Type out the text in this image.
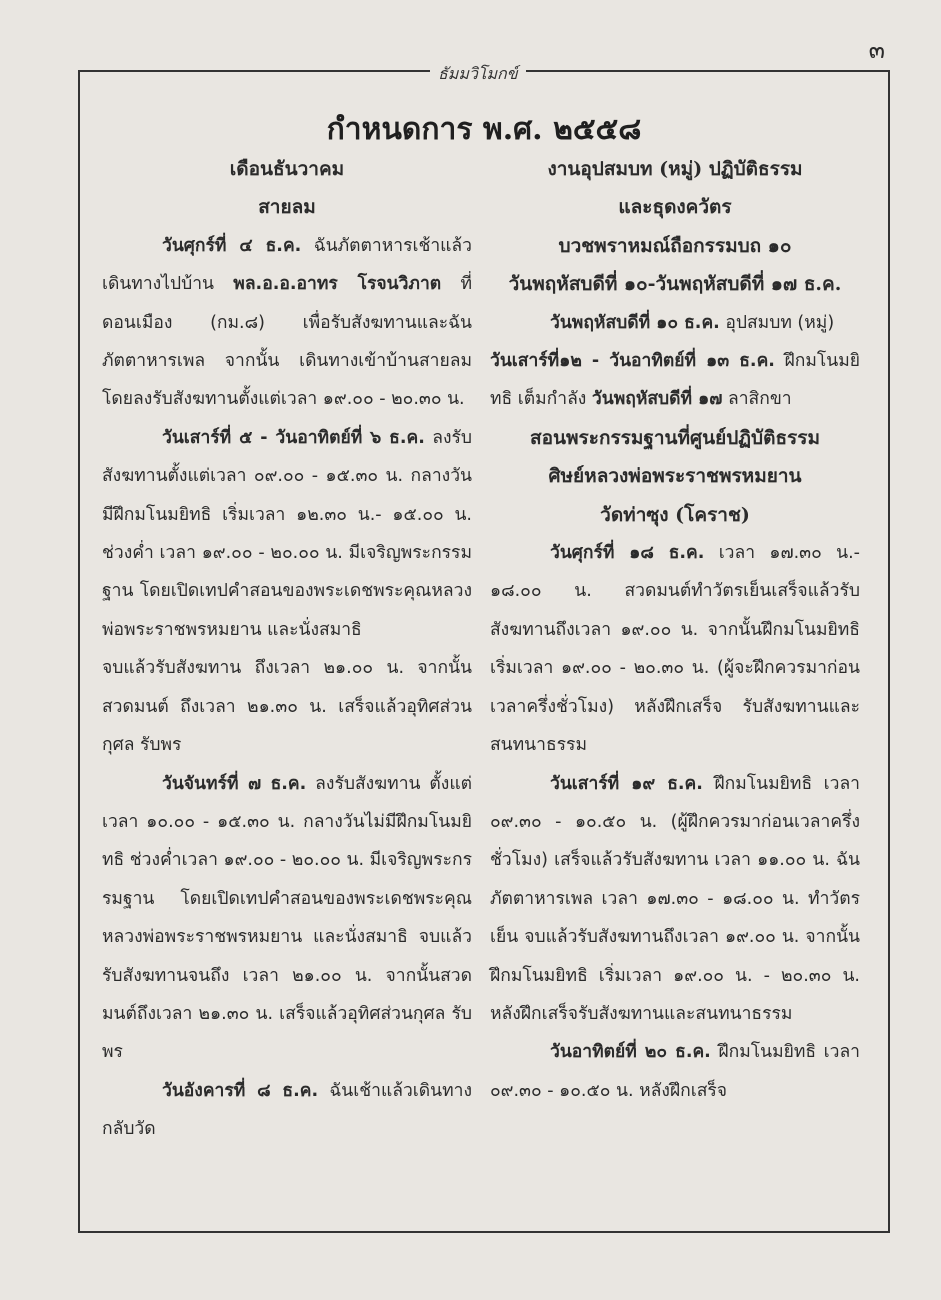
๓
ธัมมวิโมกข์
กำหนดการ พ.ศ. ๒๕๕๘

เดือนธันวาคม

สายลม

วันศุกร์ที่ ๔ ธ.ค. ฉันภัตตาหารเช้าแล้วเดินทางไปบ้าน พล.อ.อ.อาทร โรจนวิภาต ที่ดอนเมือง (กม.๘) เพื่อรับสังฆทานและฉันภัตตาหารเพล จากนั้น เดินทางเข้าบ้านสายลม โดยลงรับสังฆทานตั้งแต่เวลา ๑๙.๐๐ - ๒๐.๓๐ น.

วันเสาร์ที่ ๕ - วันอาทิตย์ที่ ๖ ธ.ค. ลงรับสังฆทานตั้งแต่เวลา ๐๙.๐๐ - ๑๕.๓๐ น. กลางวันมีฝึกมโนมยิทธิ เริ่มเวลา ๑๒.๓๐ น.- ๑๕.๐๐ น. ช่วงค่ำ เวลา ๑๙.๐๐ - ๒๐.๐๐ น. มีเจริญพระกรรมฐาน โดยเปิดเทปคำสอนของพระเดชพระคุณหลวงพ่อพระราชพรหมยาน และนั่งสมาธิ

จบแล้วรับสังฆทาน ถึงเวลา ๒๑.๐๐ น. จากนั้นสวดมนต์ ถึงเวลา ๒๑.๓๐ น. เสร็จแล้วอุทิศส่วนกุศล รับพร

วันจันทร์ที่ ๗ ธ.ค. ลงรับสังฆทาน ตั้งแต่เวลา ๑๐.๐๐ - ๑๕.๓๐ น. กลางวันไม่มีฝึกมโนมยิทธิ ช่วงค่ำเวลา ๑๙.๐๐ - ๒๐.๐๐ น. มีเจริญพระกรรมฐาน โดยเปิดเทปคำสอนของพระเดชพระคุณหลวงพ่อพระราชพรหมยาน และนั่งสมาธิ จบแล้วรับสังฆทานจนถึง เวลา ๒๑.๐๐ น. จากนั้นสวดมนต์ถึงเวลา ๒๑.๓๐ น. เสร็จแล้วอุทิศส่วนกุศล รับพร

วันอังคารที่ ๘ ธ.ค. ฉันเช้าแล้วเดินทางกลับวัด

งานอุปสมบท (หมู่) ปฏิบัติธรรม

และธุดงควัตร

บวชพราหมณ์ถือกรรมบถ ๑๐

วันพฤหัสบดีที่ ๑๐-วันพฤหัสบดีที่ ๑๗ ธ.ค.

วันพฤหัสบดีที่ ๑๐ ธ.ค. อุปสมบท (หมู่)

วันเสาร์ที่๑๒ - วันอาทิตย์ที่ ๑๓ ธ.ค. ฝึกมโนมยิทธิ เต็มกำลัง วันพฤหัสบดีที่ ๑๗ ลาสิกขา

สอนพระกรรมฐานที่ศูนย์ปฏิบัติธรรม

ศิษย์หลวงพ่อพระราชพรหมยาน

วัดท่าซุง (โคราช)

วันศุกร์ที่ ๑๘ ธ.ค. เวลา ๑๗.๓๐ น.- ๑๘.๐๐ น. สวดมนต์ทำวัตรเย็นเสร็จแล้วรับสังฆทานถึงเวลา ๑๙.๐๐ น. จากนั้นฝึกมโนมยิทธิ เริ่มเวลา ๑๙.๐๐ - ๒๐.๓๐ น. (ผู้จะฝึกควรมาก่อนเวลาครึ่งชั่วโมง) หลังฝึกเสร็จ รับสังฆทานและสนทนาธรรม

วันเสาร์ที่ ๑๙ ธ.ค. ฝึกมโนมยิทธิ เวลา ๐๙.๓๐ - ๑๐.๕๐ น. (ผู้ฝึกควรมาก่อนเวลาครึ่งชั่วโมง) เสร็จแล้วรับสังฆทาน เวลา ๑๑.๐๐ น. ฉันภัตตาหารเพล เวลา ๑๗.๓๐ - ๑๘.๐๐ น. ทำวัตรเย็น จบแล้วรับสังฆทานถึงเวลา ๑๙.๐๐ น. จากนั้น ฝึกมโนมยิทธิ เริ่มเวลา ๑๙.๐๐ น. - ๒๐.๓๐ น. หลังฝึกเสร็จรับสังฆทานและสนทนาธรรม

วันอาทิตย์ที่ ๒๐ ธ.ค. ฝึกมโนมยิทธิ เวลา ๐๙.๓๐ - ๑๐.๕๐ น. หลังฝึกเสร็จ
